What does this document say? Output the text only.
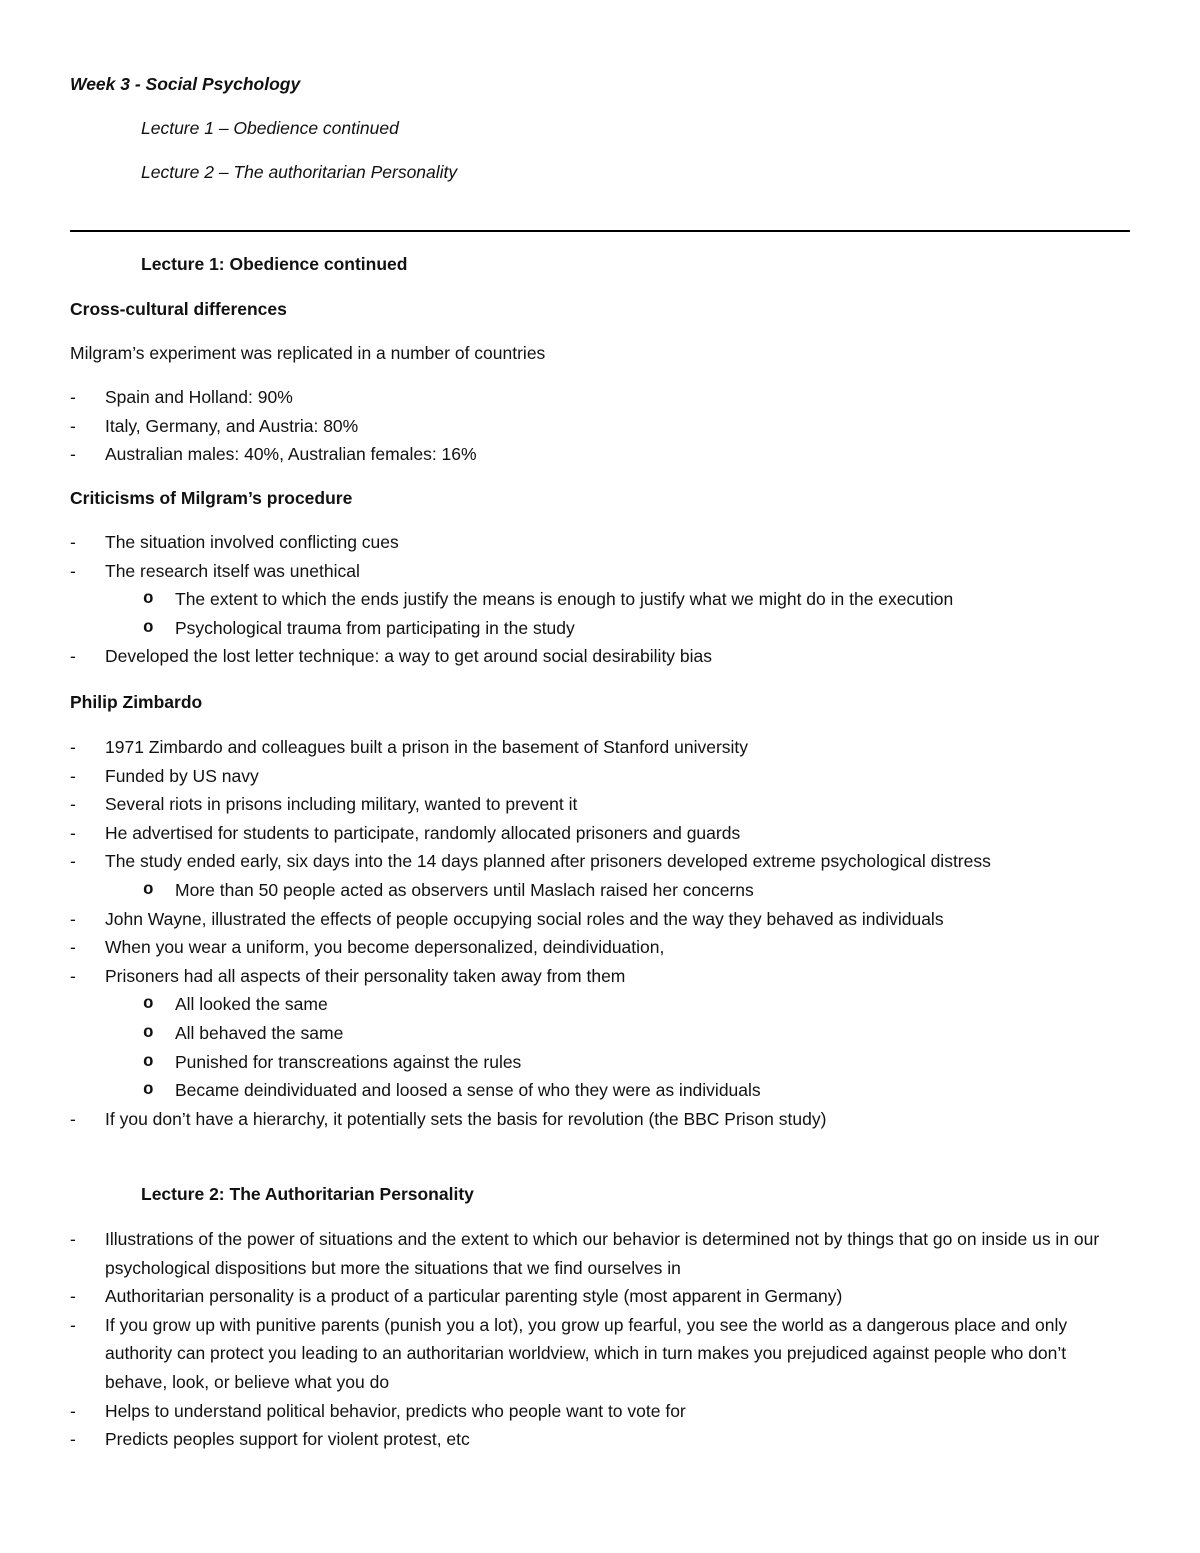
Week 3 - Social Psychology
Lecture 1 – Obedience continued
Lecture 2 – The authoritarian Personality
Lecture 1: Obedience continued
Cross-cultural differences
Milgram’s experiment was replicated in a number of countries
- Spain and Holland: 90%
- Italy, Germany, and Austria: 80%
- Australian males: 40%, Australian females: 16%
Criticisms of Milgram’s procedure
- The situation involved conflicting cues
- The research itself was unethical
o The extent to which the ends justify the means is enough to justify what we might do in the execution
o Psychological trauma from participating in the study
- Developed the lost letter technique: a way to get around social desirability bias
Philip Zimbardo
- 1971 Zimbardo and colleagues built a prison in the basement of Stanford university
- Funded by US navy
- Several riots in prisons including military, wanted to prevent it
- He advertised for students to participate, randomly allocated prisoners and guards
- The study ended early, six days into the 14 days planned after prisoners developed extreme psychological distress
o More than 50 people acted as observers until Maslach raised her concerns
- John Wayne, illustrated the effects of people occupying social roles and the way they behaved as individuals
- When you wear a uniform, you become depersonalized, deindividuation,
- Prisoners had all aspects of their personality taken away from them
o All looked the same
o All behaved the same
o Punished for transcreations against the rules
o Became deindividuated and loosed a sense of who they were as individuals
- If you don’t have a hierarchy, it potentially sets the basis for revolution (the BBC Prison study)
Lecture 2: The Authoritarian Personality
- Illustrations of the power of situations and the extent to which our behavior is determined not by things that go on inside us in our psychological dispositions but more the situations that we find ourselves in
- Authoritarian personality is a product of a particular parenting style (most apparent in Germany)
- If you grow up with punitive parents (punish you a lot), you grow up fearful, you see the world as a dangerous place and only authority can protect you leading to an authoritarian worldview, which in turn makes you prejudiced against people who don’t behave, look, or believe what you do
- Helps to understand political behavior, predicts who people want to vote for
- Predicts peoples support for violent protest, etc
